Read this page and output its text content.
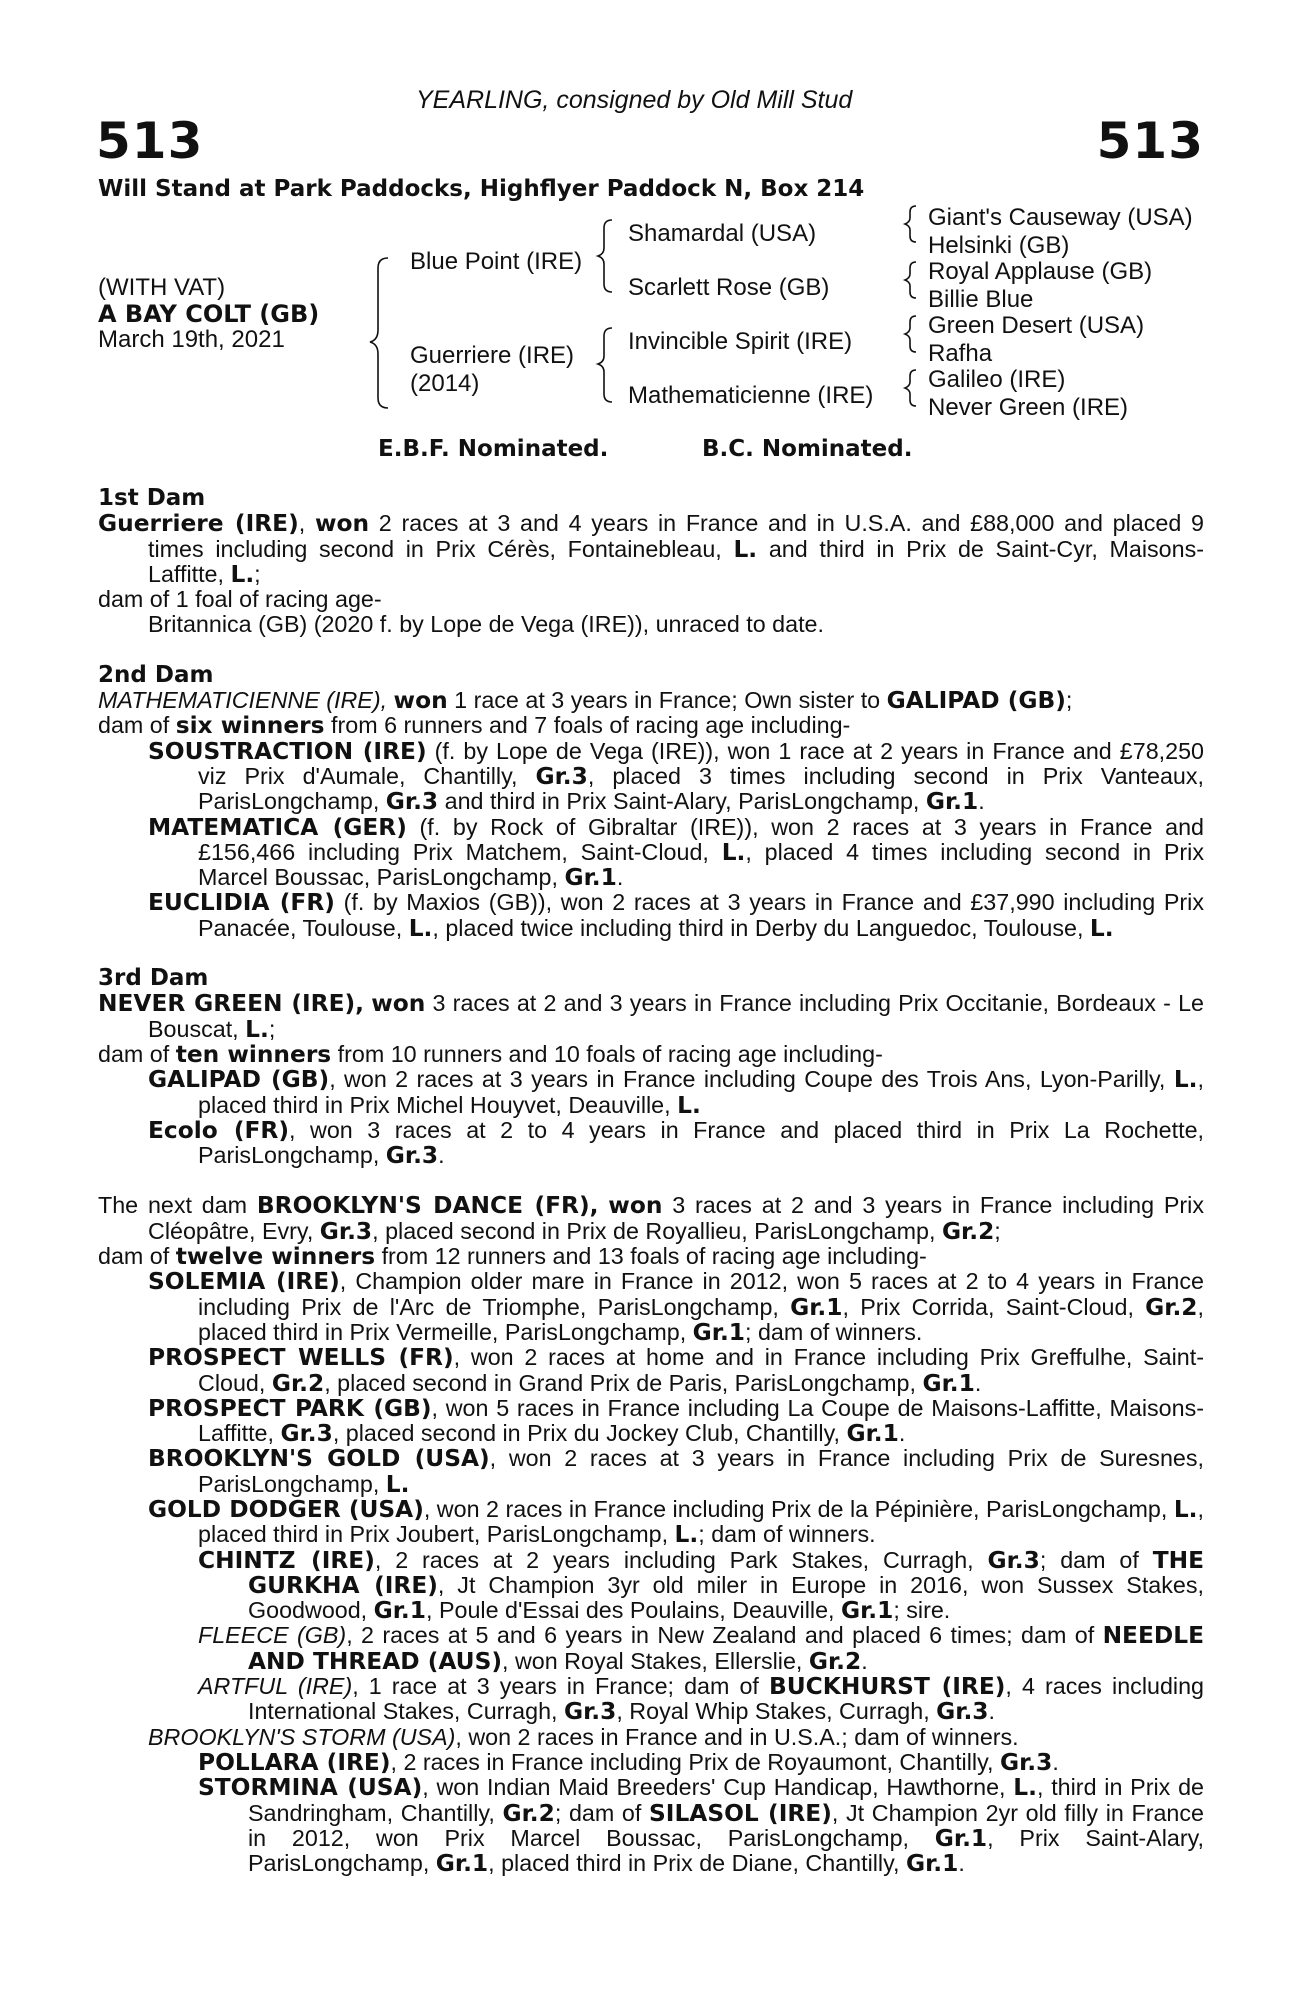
YEARLING, consigned by Old Mill Stud
513	513
Will Stand at Park Paddocks, Highflyer Paddock N, Box 214
(WITH VAT)
A BAY COLT (GB)
March 19th, 2021
Blue Point (IRE)
Guerriere (IRE)
(2014)
Shamardal (USA)
Scarlett Rose (GB)
Invincible Spirit (IRE)
Mathematicienne (IRE)
Giant's Causeway (USA)
Helsinki (GB)
Royal Applause (GB)
Billie Blue
Green Desert (USA)
Rafha
Galileo (IRE)
Never Green (IRE)
E.B.F. Nominated.	B.C. Nominated.
1st Dam
Guerriere (IRE), won 2 races at 3 and 4 years in France and in U.S.A. and £88,000 and placed 9 times including second in Prix Cérès, Fontainebleau, L. and third in Prix de Saint-Cyr, Maisons-Laffitte, L.;
dam of 1 foal of racing age-
Britannica (GB) (2020 f. by Lope de Vega (IRE)), unraced to date.
2nd Dam
MATHEMATICIENNE (IRE), won 1 race at 3 years in France; Own sister to GALIPAD (GB);
dam of six winners from 6 runners and 7 foals of racing age including-
SOUSTRACTION (IRE) (f. by Lope de Vega (IRE)), won 1 race at 2 years in France and £78,250 viz Prix d'Aumale, Chantilly, Gr.3, placed 3 times including second in Prix Vanteaux, ParisLongchamp, Gr.3 and third in Prix Saint-Alary, ParisLongchamp, Gr.1.
MATEMATICA (GER) (f. by Rock of Gibraltar (IRE)), won 2 races at 3 years in France and £156,466 including Prix Matchem, Saint-Cloud, L., placed 4 times including second in Prix Marcel Boussac, ParisLongchamp, Gr.1.
EUCLIDIA (FR) (f. by Maxios (GB)), won 2 races at 3 years in France and £37,990 including Prix Panacée, Toulouse, L., placed twice including third in Derby du Languedoc, Toulouse, L.
3rd Dam
NEVER GREEN (IRE), won 3 races at 2 and 3 years in France including Prix Occitanie, Bordeaux - Le Bouscat, L.;
dam of ten winners from 10 runners and 10 foals of racing age including-
GALIPAD (GB), won 2 races at 3 years in France including Coupe des Trois Ans, Lyon-Parilly, L., placed third in Prix Michel Houyvet, Deauville, L.
Ecolo (FR), won 3 races at 2 to 4 years in France and placed third in Prix La Rochette, ParisLongchamp, Gr.3.
The next dam BROOKLYN'S DANCE (FR), won 3 races at 2 and 3 years in France including Prix Cléopâtre, Evry, Gr.3, placed second in Prix de Royallieu, ParisLongchamp, Gr.2;
dam of twelve winners from 12 runners and 13 foals of racing age including-
SOLEMIA (IRE), Champion older mare in France in 2012, won 5 races at 2 to 4 years in France including Prix de l'Arc de Triomphe, ParisLongchamp, Gr.1, Prix Corrida, Saint-Cloud, Gr.2, placed third in Prix Vermeille, ParisLongchamp, Gr.1; dam of winners.
PROSPECT WELLS (FR), won 2 races at home and in France including Prix Greffulhe, Saint-Cloud, Gr.2, placed second in Grand Prix de Paris, ParisLongchamp, Gr.1.
PROSPECT PARK (GB), won 5 races in France including La Coupe de Maisons-Laffitte, Maisons-Laffitte, Gr.3, placed second in Prix du Jockey Club, Chantilly, Gr.1.
BROOKLYN'S GOLD (USA), won 2 races at 3 years in France including Prix de Suresnes, ParisLongchamp, L.
GOLD DODGER (USA), won 2 races in France including Prix de la Pépinière, ParisLongchamp, L., placed third in Prix Joubert, ParisLongchamp, L.; dam of winners.
CHINTZ (IRE), 2 races at 2 years including Park Stakes, Curragh, Gr.3; dam of THE GURKHA (IRE), Jt Champion 3yr old miler in Europe in 2016, won Sussex Stakes, Goodwood, Gr.1, Poule d'Essai des Poulains, Deauville, Gr.1; sire.
FLEECE (GB), 2 races at 5 and 6 years in New Zealand and placed 6 times; dam of NEEDLE AND THREAD (AUS), won Royal Stakes, Ellerslie, Gr.2.
ARTFUL (IRE), 1 race at 3 years in France; dam of BUCKHURST (IRE), 4 races including International Stakes, Curragh, Gr.3, Royal Whip Stakes, Curragh, Gr.3.
BROOKLYN'S STORM (USA), won 2 races in France and in U.S.A.; dam of winners.
POLLARA (IRE), 2 races in France including Prix de Royaumont, Chantilly, Gr.3.
STORMINA (USA), won Indian Maid Breeders' Cup Handicap, Hawthorne, L., third in Prix de Sandringham, Chantilly, Gr.2; dam of SILASOL (IRE), Jt Champion 2yr old filly in France in 2012, won Prix Marcel Boussac, ParisLongchamp, Gr.1, Prix Saint-Alary, ParisLongchamp, Gr.1, placed third in Prix de Diane, Chantilly, Gr.1.
